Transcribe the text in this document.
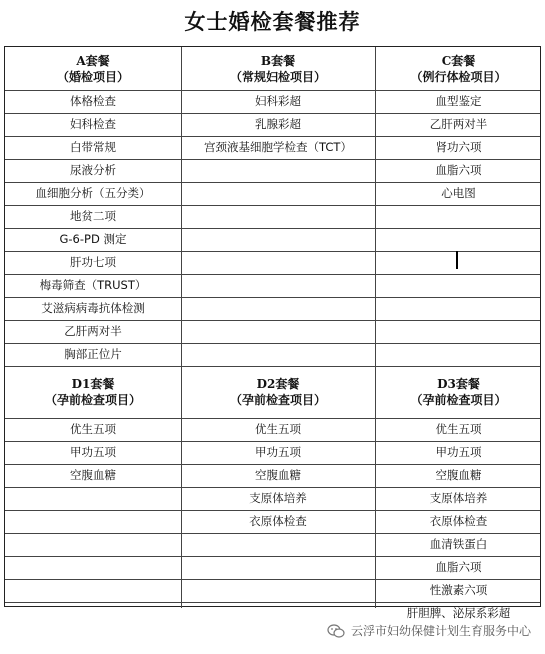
女士婚检套餐推荐
A套餐
（婚检项目）
B套餐
（常规妇检项目）
C套餐
（例行体检项目）
D1套餐
（孕前检查项目）
D2套餐
（孕前检查项目）
D3套餐
（孕前检查项目）
体格检查
妇科检查
白带常规
尿液分析
血细胞分析（五分类）
地贫二项
G-6-PD 测定
肝功七项
梅毒筛查（TRUST）
艾滋病病毒抗体检测
乙肝两对半
胸部正位片
妇科彩超
乳腺彩超
宫颈液基细胞学检查（TCT）
血型鉴定
乙肝两对半
肾功六项
血脂六项
心电图
优生五项
甲功五项
空腹血糖
优生五项
甲功五项
空腹血糖
支原体培养
衣原体检查
优生五项
甲功五项
空腹血糖
支原体培养
衣原体检查
血清铁蛋白
血脂六项
性激素六项
肝胆脾、泌尿系彩超
云浮市妇幼保健计划生育服务中心
